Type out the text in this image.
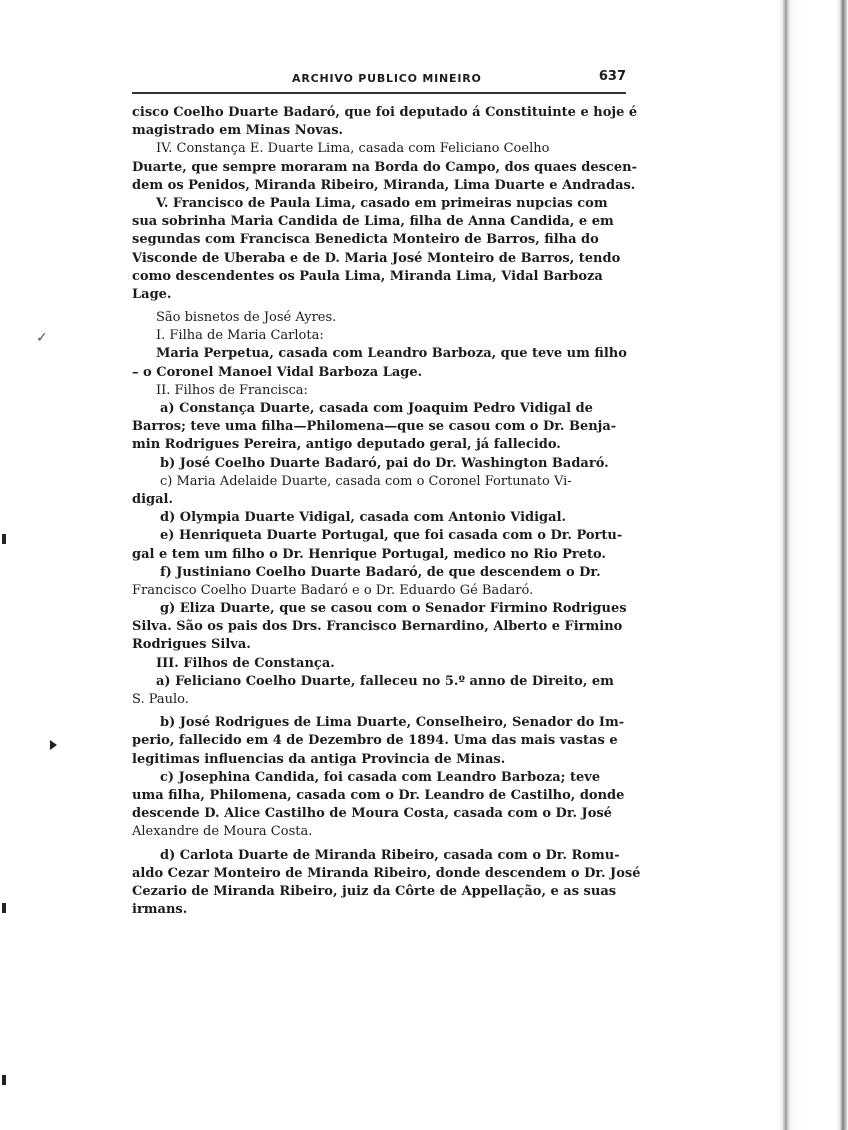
ARCHIVO PUBLICO MINEIRO	637
cisco Coelho Duarte Badaró, que foi deputado á Constituinte e hoje é
magistrado em Minas Novas.
IV. Constança E. Duarte Lima, casada com Feliciano Coelho
Duarte, que sempre moraram na Borda do Campo, dos quaes descen-
dem os Penidos, Miranda Ribeiro, Miranda, Lima Duarte e Andradas.
V. Francisco de Paula Lima, casado em primeiras nupcias com
sua sobrinha Maria Candida de Lima, filha de Anna Candida, e em
segundas com Francisca Benedicta Monteiro de Barros, filha do
Visconde de Uberaba e de D. Maria José Monteiro de Barros, tendo
como descendentes os Paula Lima, Miranda Lima, Vidal Barboza
Lage.
São bisnetos de José Ayres.
I. Filha de Maria Carlota:
Maria Perpetua, casada com Leandro Barboza, que teve um filho
– o Coronel Manoel Vidal Barboza Lage.
II. Filhos de Francisca:
a) Constança Duarte, casada com Joaquim Pedro Vidigal de
Barros; teve uma filha—Philomena—que se casou com o Dr. Benja-
min Rodrigues Pereira, antigo deputado geral, já fallecido.
b) José Coelho Duarte Badaró, pai do Dr. Washington Badaró.
c) Maria Adelaide Duarte, casada com o Coronel Fortunato Vi-
digal.
d) Olympia Duarte Vidigal, casada com Antonio Vidigal.
e) Henriqueta Duarte Portugal, que foi casada com o Dr. Portu-
gal e tem um filho o Dr. Henrique Portugal, medico no Rio Preto.
f) Justiniano Coelho Duarte Badaró, de que descendem o Dr.
Francisco Coelho Duarte Badaró e o Dr. Eduardo Gé Badaró.
g) Eliza Duarte, que se casou com o Senador Firmino Rodrigues
Silva. São os pais dos Drs. Francisco Bernardino, Alberto e Firmino
Rodrigues Silva.
III. Filhos de Constança.
a) Feliciano Coelho Duarte, falleceu no 5.º anno de Direito, em
S. Paulo.
b) José Rodrigues de Lima Duarte, Conselheiro, Senador do Im-
perio, fallecido em 4 de Dezembro de 1894. Uma das mais vastas e
legitimas influencias da antiga Provincia de Minas.
c) Josephina Candida, foi casada com Leandro Barboza; teve
uma filha, Philomena, casada com o Dr. Leandro de Castilho, donde
descende D. Alice Castilho de Moura Costa, casada com o Dr. José
Alexandre de Moura Costa.
d) Carlota Duarte de Miranda Ribeiro, casada com o Dr. Romu-
aldo Cezar Monteiro de Miranda Ribeiro, donde descendem o Dr. José
Cezario de Miranda Ribeiro, juiz da Côrte de Appellação, e as suas
irmans.
✓
